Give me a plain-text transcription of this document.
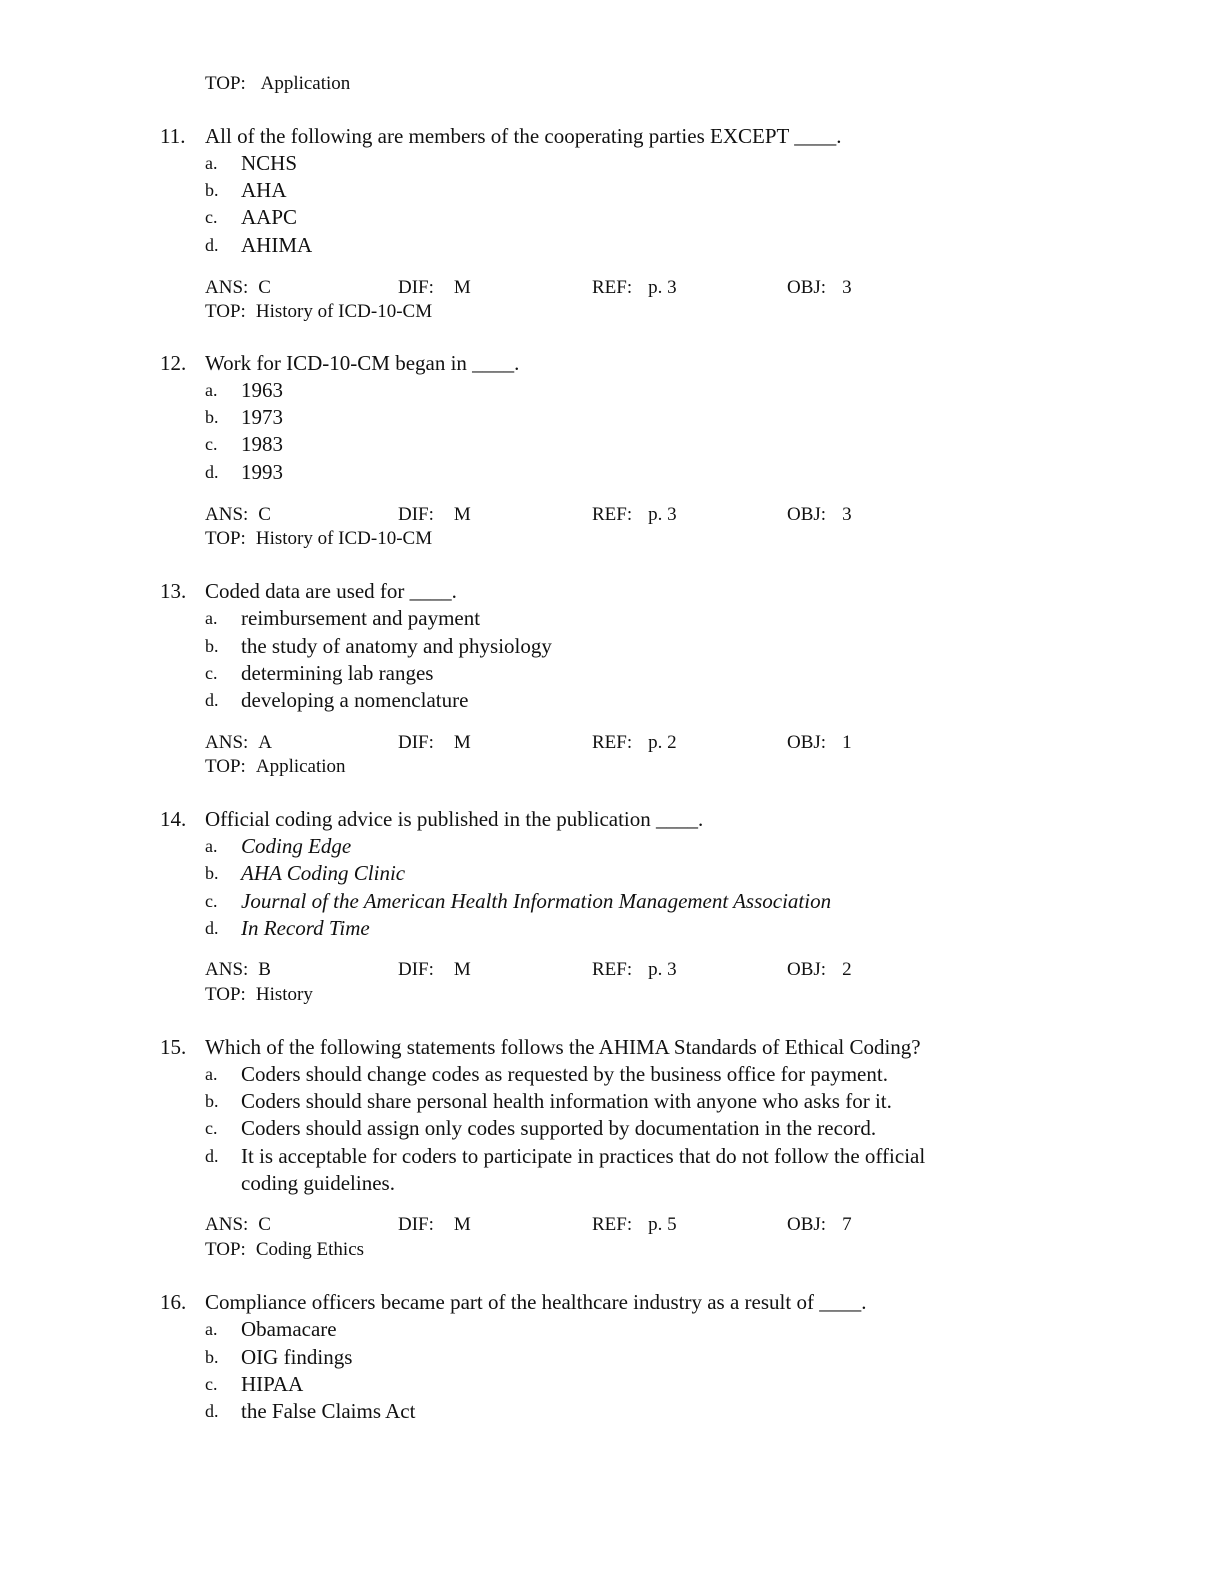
TOP: Application
11. All of the following are members of the cooperating parties EXCEPT ____.
a. NCHS
b. AHA
c. AAPC
d. AHIMA
ANS: C	DIF: M	REF: p. 3	OBJ: 3
TOP: History of ICD-10-CM
12. Work for ICD-10-CM began in ____.
a. 1963
b. 1973
c. 1983
d. 1993
ANS: C	DIF: M	REF: p. 3	OBJ: 3
TOP: History of ICD-10-CM
13. Coded data are used for ____.
a. reimbursement and payment
b. the study of anatomy and physiology
c. determining lab ranges
d. developing a nomenclature
ANS: A	DIF: M	REF: p. 2	OBJ: 1
TOP: Application
14. Official coding advice is published in the publication ____.
a. Coding Edge
b. AHA Coding Clinic
c. Journal of the American Health Information Management Association
d. In Record Time
ANS: B	DIF: M	REF: p. 3	OBJ: 2
TOP: History
15. Which of the following statements follows the AHIMA Standards of Ethical Coding?
a. Coders should change codes as requested by the business office for payment.
b. Coders should share personal health information with anyone who asks for it.
c. Coders should assign only codes supported by documentation in the record.
d. It is acceptable for coders to participate in practices that do not follow the official
coding guidelines.
ANS: C	DIF: M	REF: p. 5	OBJ: 7
TOP: Coding Ethics
16. Compliance officers became part of the healthcare industry as a result of ____.
a. Obamacare
b. OIG findings
c. HIPAA
d. the False Claims Act
